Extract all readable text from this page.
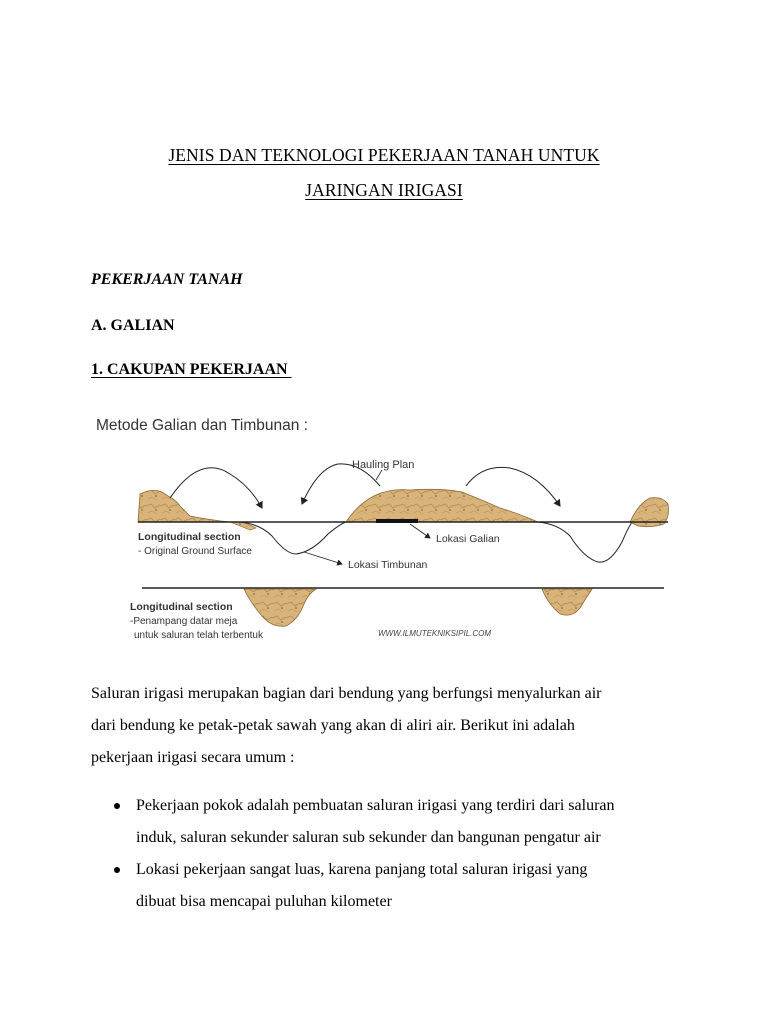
JENIS DAN TEKNOLOGI PEKERJAAN TANAH UNTUK
JARINGAN IRIGASI
PEKERJAAN TANAH
A. GALIAN
1. CAKUPAN PEKERJAAN
Metode Galian dan Timbunan :
Hauling Plan
Longitudinal section
- Original Ground Surface
Lokasi Galian
Lokasi Timbunan
Longitudinal section
-Penampang datar meja
untuk saluran telah terbentuk	WWW.ILMUTEKNIKSIPIL.COM
Saluran irigasi merupakan bagian dari bendung yang berfungsi menyalurkan air
dari bendung ke petak-petak sawah yang akan di aliri air. Berikut ini adalah
pekerjaan irigasi secara umum :
Pekerjaan pokok adalah pembuatan saluran irigasi yang terdiri dari saluran
induk, saluran sekunder saluran sub sekunder dan bangunan pengatur air
Lokasi pekerjaan sangat luas, karena panjang total saluran irigasi yang
dibuat bisa mencapai puluhan kilometer
